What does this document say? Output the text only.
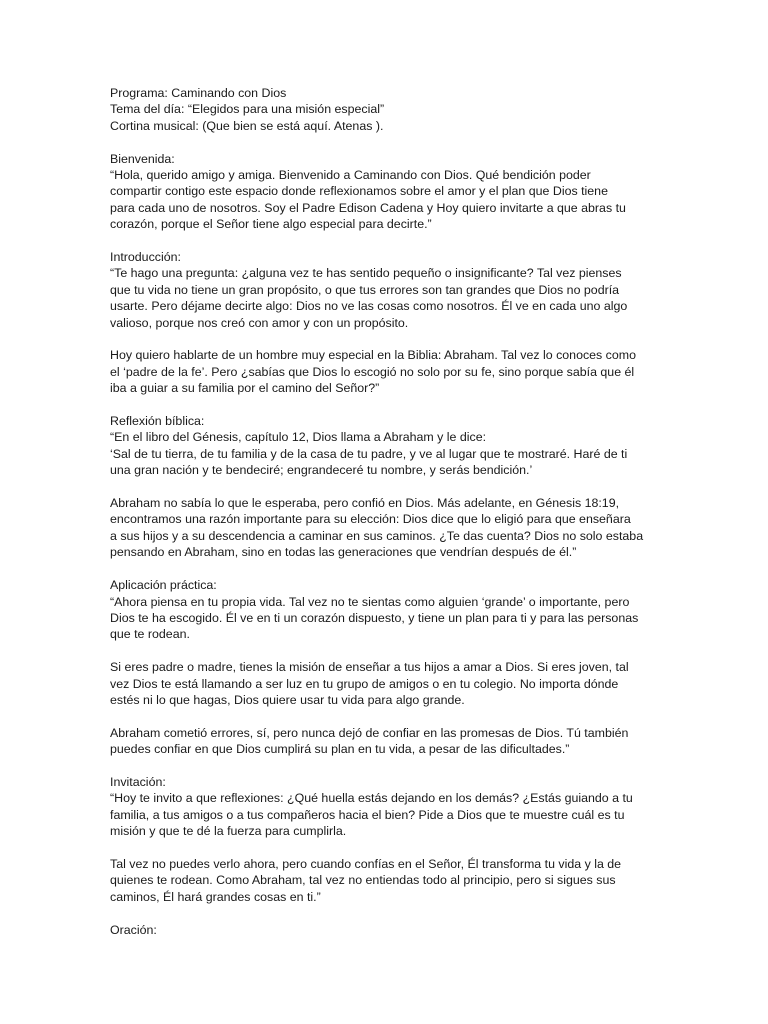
Programa: Caminando con Dios
Tema del día: “Elegidos para una misión especial”
Cortina musical: (Que bien se está aquí. Atenas ).
Bienvenida:
“Hola, querido amigo y amiga. Bienvenido a Caminando con Dios. Qué bendición poder
compartir contigo este espacio donde reflexionamos sobre el amor y el plan que Dios tiene
para cada uno de nosotros. Soy el Padre Edison Cadena y Hoy quiero invitarte a que abras tu
corazón, porque el Señor tiene algo especial para decirte.”
Introducción:
“Te hago una pregunta: ¿alguna vez te has sentido pequeño o insignificante? Tal vez pienses
que tu vida no tiene un gran propósito, o que tus errores son tan grandes que Dios no podría
usarte. Pero déjame decirte algo: Dios no ve las cosas como nosotros. Él ve en cada uno algo
valioso, porque nos creó con amor y con un propósito.
Hoy quiero hablarte de un hombre muy especial en la Biblia: Abraham. Tal vez lo conoces como
el ‘padre de la fe’. Pero ¿sabías que Dios lo escogió no solo por su fe, sino porque sabía que él
iba a guiar a su familia por el camino del Señor?”
Reflexión bíblica:
“En el libro del Génesis, capítulo 12, Dios llama a Abraham y le dice:
‘Sal de tu tierra, de tu familia y de la casa de tu padre, y ve al lugar que te mostraré. Haré de ti
una gran nación y te bendeciré; engrandeceré tu nombre, y serás bendición.’
Abraham no sabía lo que le esperaba, pero confió en Dios. Más adelante, en Génesis 18:19,
encontramos una razón importante para su elección: Dios dice que lo eligió para que enseñara
a sus hijos y a su descendencia a caminar en sus caminos. ¿Te das cuenta? Dios no solo estaba
pensando en Abraham, sino en todas las generaciones que vendrían después de él.”
Aplicación práctica:
“Ahora piensa en tu propia vida. Tal vez no te sientas como alguien ‘grande’ o importante, pero
Dios te ha escogido. Él ve en ti un corazón dispuesto, y tiene un plan para ti y para las personas
que te rodean.
Si eres padre o madre, tienes la misión de enseñar a tus hijos a amar a Dios. Si eres joven, tal
vez Dios te está llamando a ser luz en tu grupo de amigos o en tu colegio. No importa dónde
estés ni lo que hagas, Dios quiere usar tu vida para algo grande.
Abraham cometió errores, sí, pero nunca dejó de confiar en las promesas de Dios. Tú también
puedes confiar en que Dios cumplirá su plan en tu vida, a pesar de las dificultades.”
Invitación:
“Hoy te invito a que reflexiones: ¿Qué huella estás dejando en los demás? ¿Estás guiando a tu
familia, a tus amigos o a tus compañeros hacia el bien? Pide a Dios que te muestre cuál es tu
misión y que te dé la fuerza para cumplirla.
Tal vez no puedes verlo ahora, pero cuando confías en el Señor, Él transforma tu vida y la de
quienes te rodean. Como Abraham, tal vez no entiendas todo al principio, pero si sigues sus
caminos, Él hará grandes cosas en ti.”
Oración:
